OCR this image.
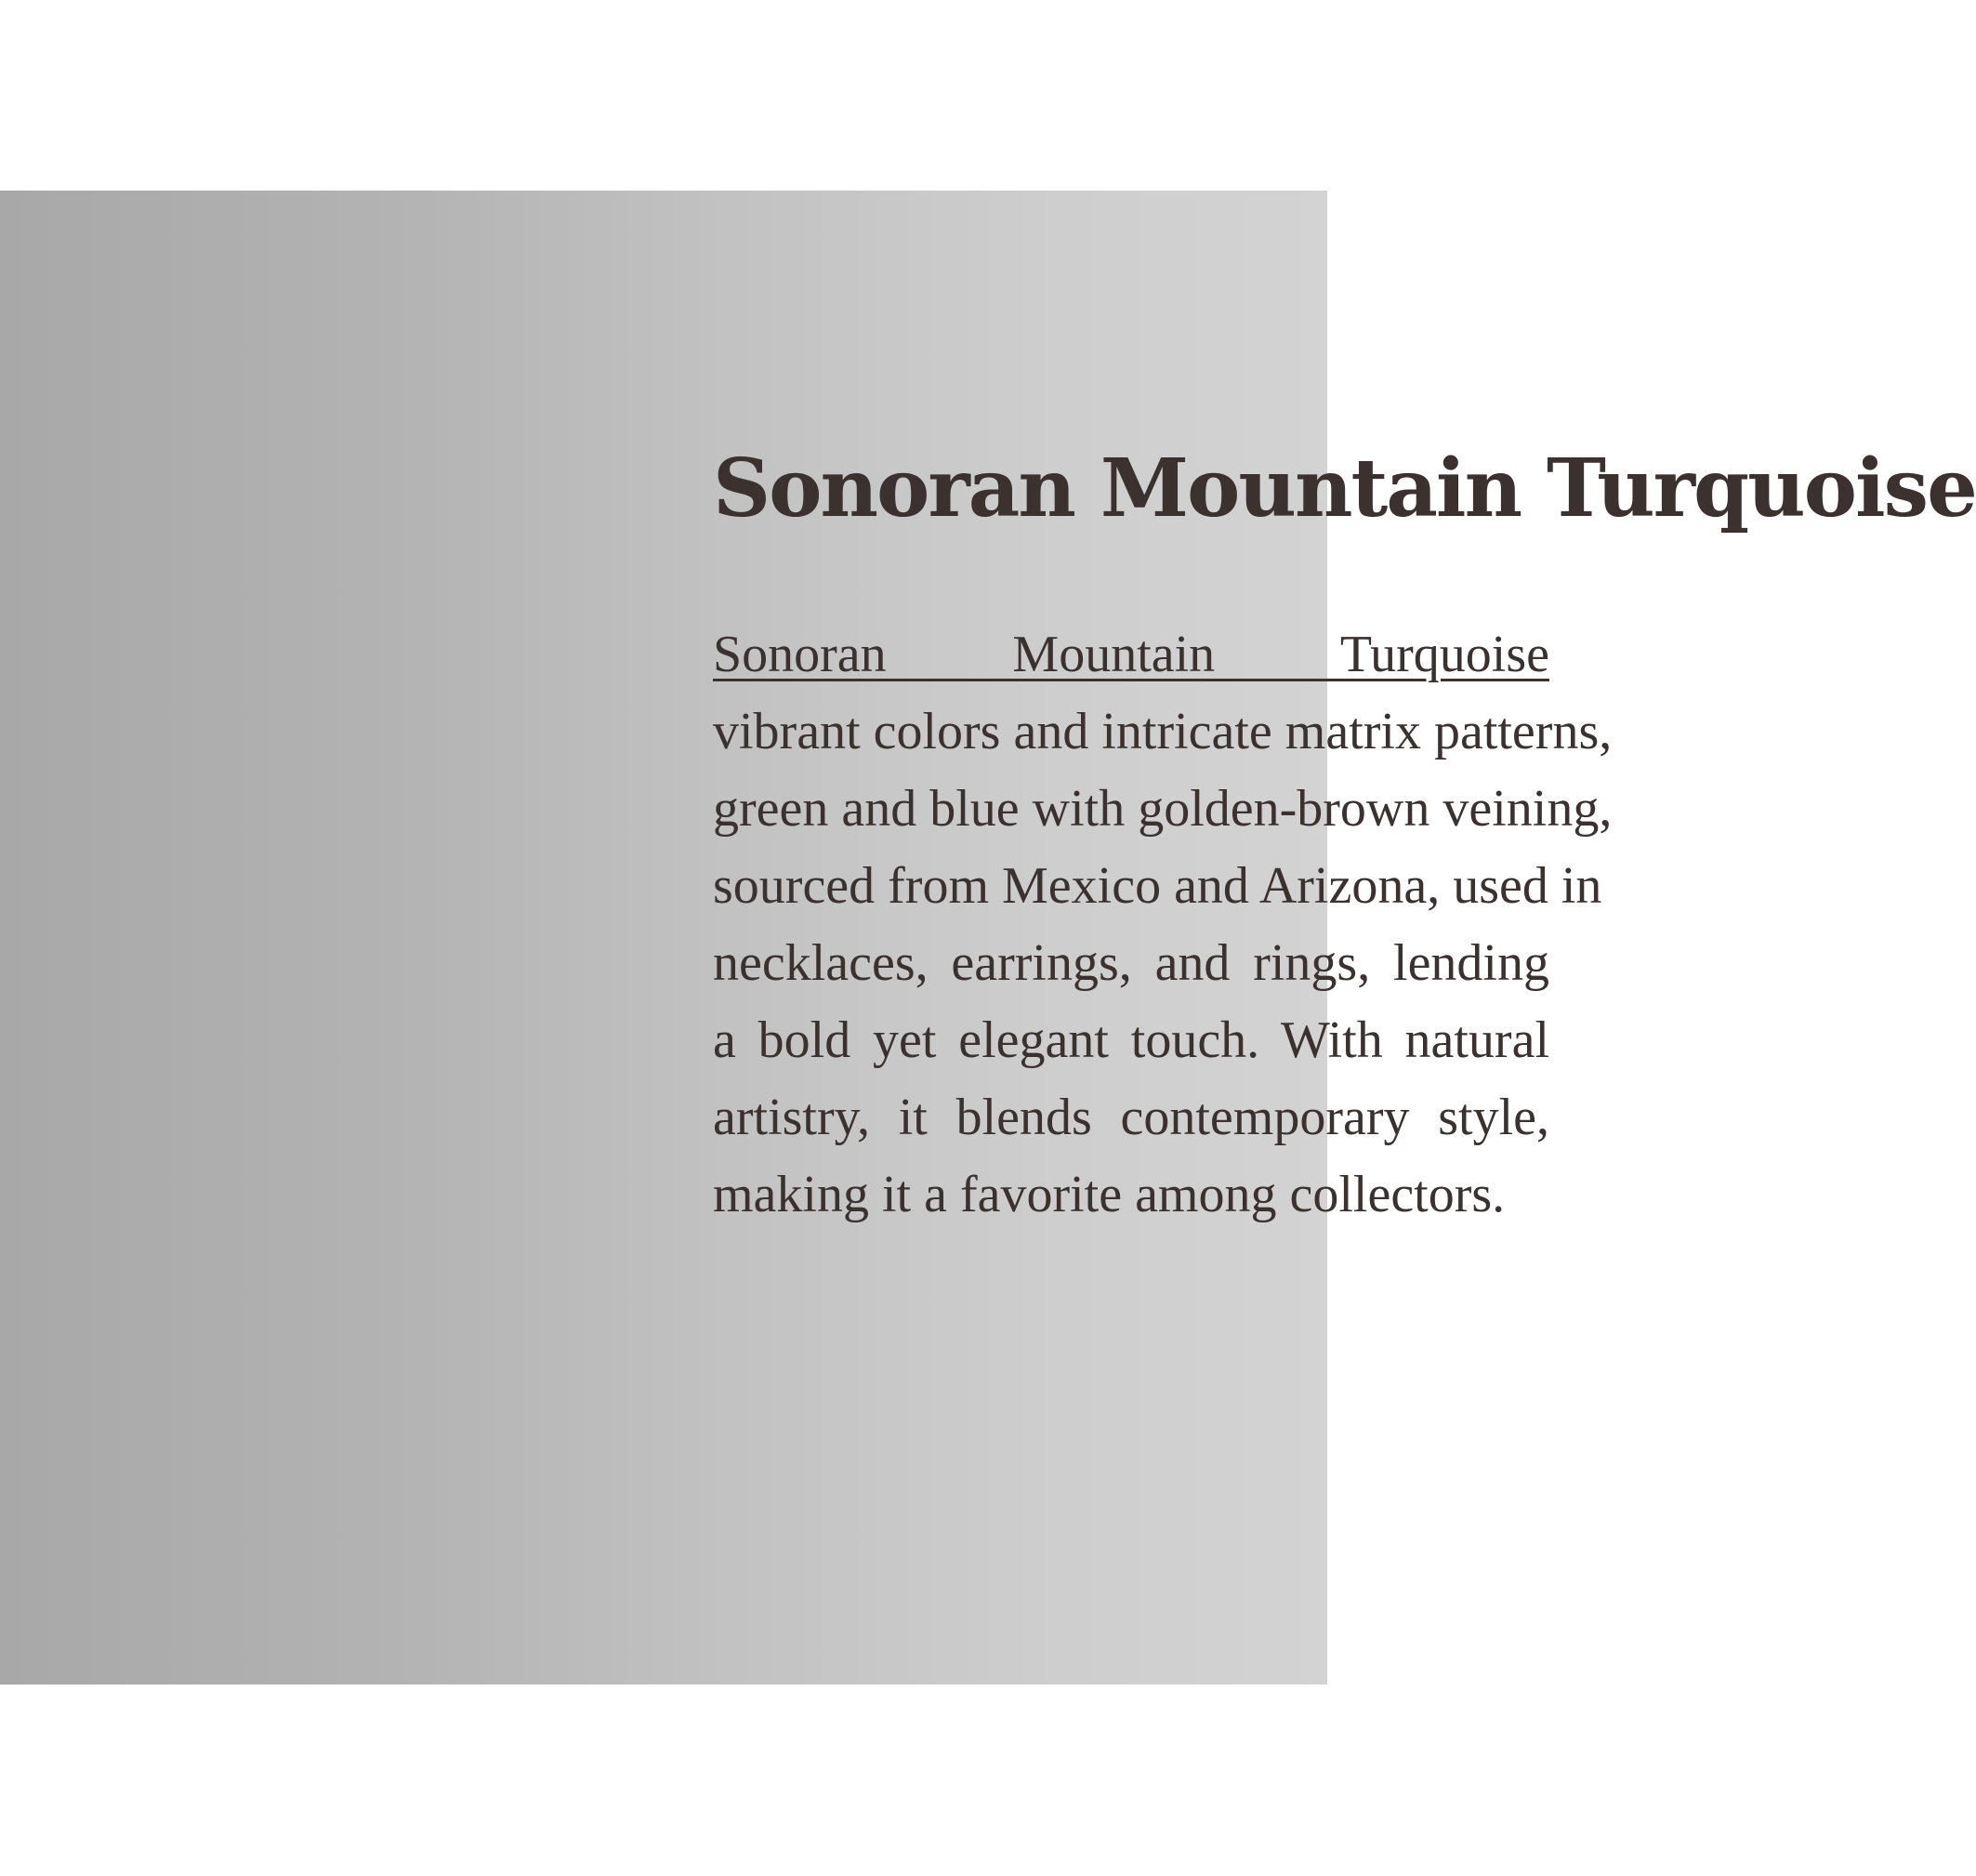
Sonoran Mountain Turquoise

Sonoran Mountain Turquoise
vibrant colors and intricate matrix patterns,
green and blue with golden-brown veining,
sourced from Mexico and Arizona, used in
necklaces, earrings, and rings, lending
a bold yet elegant touch. With natural
artistry, it blends contemporary style,
making it a favorite among collectors.
